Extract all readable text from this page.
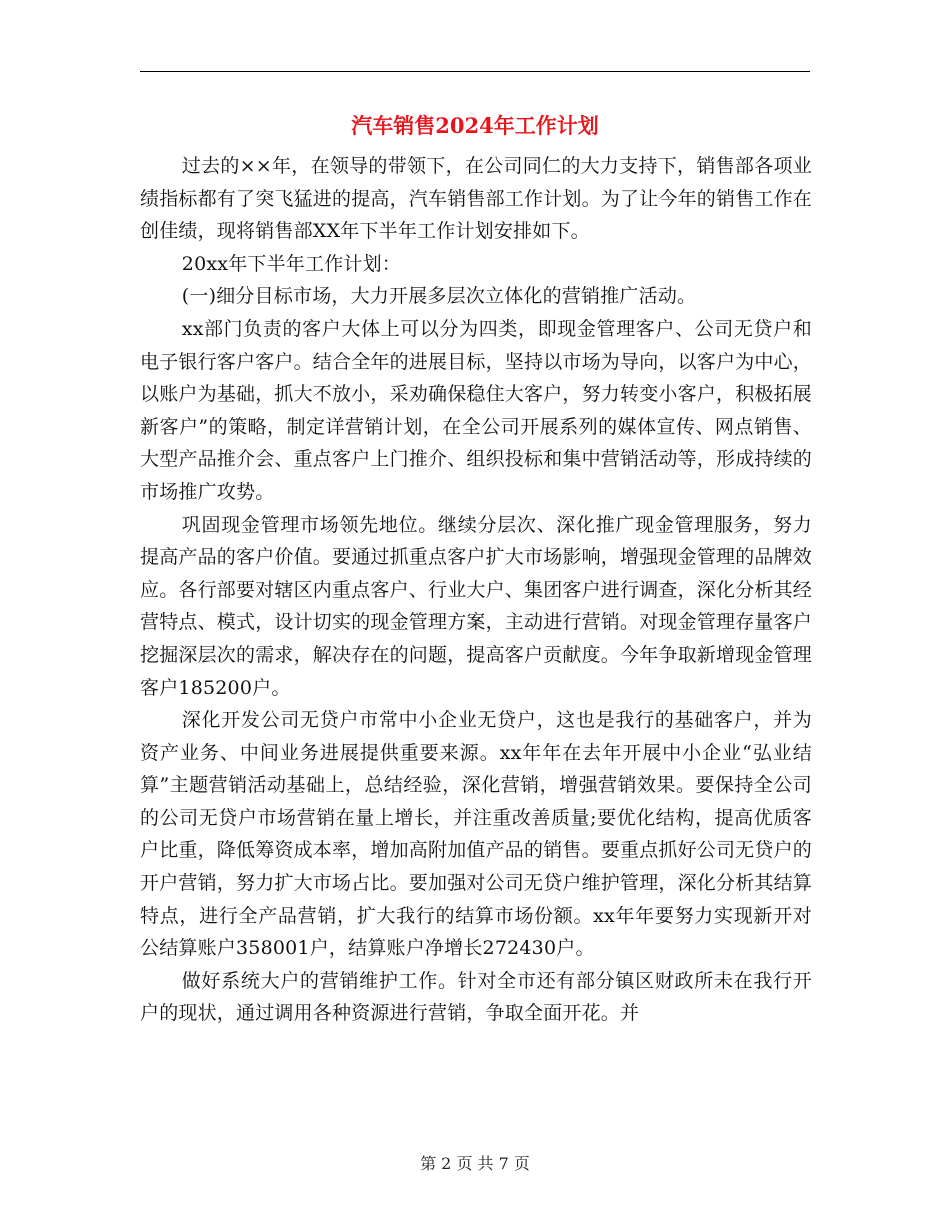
汽车销售2024年工作计划

过去的××年，在领导的带领下，在公司同仁的大力支持下，销售部各项业绩指标都有了突飞猛进的提高，汽车销售部工作计划。为了让今年的销售工作在创佳绩，现将销售部XX年下半年工作计划安排如下。

20xx年下半年工作计划：

(一)细分目标市场，大力开展多层次立体化的营销推广活动。

xx部门负责的客户大体上可以分为四类，即现金管理客户、公司无贷户和电子银行客户客户。结合全年的进展目标，坚持以市场为导向，以客户为中心，以账户为基础，抓大不放小，采劝确保稳住大客户，努力转变小客户，积极拓展新客户”的策略，制定详营销计划，在全公司开展系列的媒体宣传、网点销售、大型产品推介会、重点客户上门推介、组织投标和集中营销活动等，形成持续的市场推广攻势。

巩固现金管理市场领先地位。继续分层次、深化推广现金管理服务，努力提高产品的客户价值。要通过抓重点客户扩大市场影响，增强现金管理的品牌效应。各行部要对辖区内重点客户、行业大户、集团客户进行调查，深化分析其经营特点、模式，设计切实的现金管理方案，主动进行营销。对现金管理存量客户挖掘深层次的需求，解决存在的问题，提高客户贡献度。今年争取新增现金管理客户185200户。

深化开发公司无贷户市常中小企业无贷户，这也是我行的基础客户，并为资产业务、中间业务进展提供重要来源。xx年年在去年开展中小企业“弘业结算”主题营销活动基础上，总结经验，深化营销，增强营销效果。要保持全公司的公司无贷户市场营销在量上增长，并注重改善质量;要优化结构，提高优质客户比重，降低筹资成本率，增加高附加值产品的销售。要重点抓好公司无贷户的开户营销，努力扩大市场占比。要加强对公司无贷户维护管理，深化分析其结算特点，进行全产品营销，扩大我行的结算市场份额。xx年年要努力实现新开对公结算账户358001户，结算账户净增长272430户。

做好系统大户的营销维护工作。针对全市还有部分镇区财政所未在我行开户的现状，通过调用各种资源进行营销，争取全面开花。并

第 2 页 共 7 页
